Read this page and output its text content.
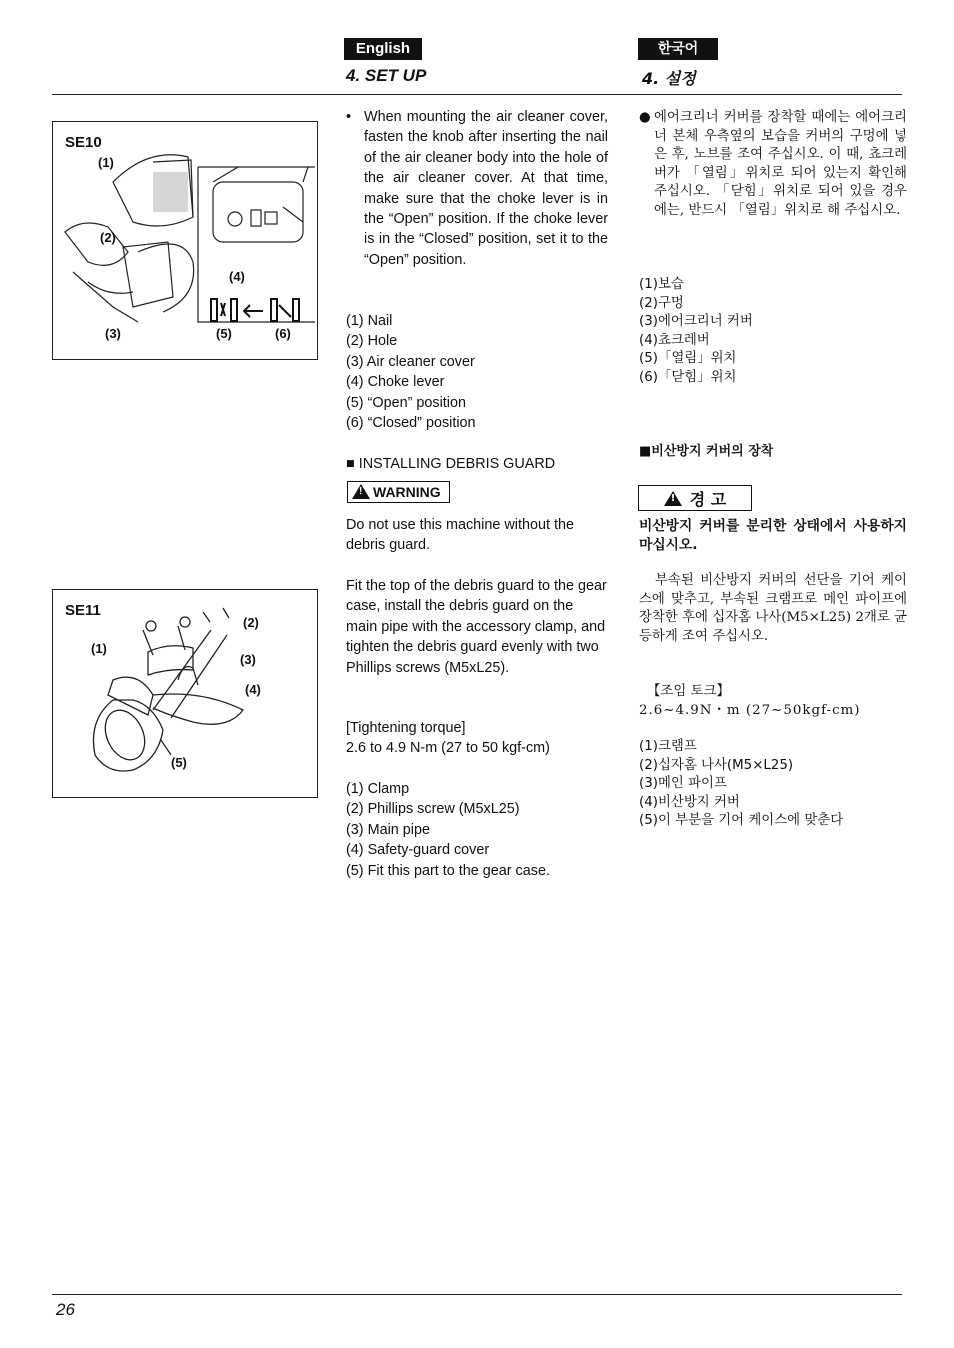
English	한국어
4. SET UP	4. 설정
SE10
(1)
(2)
(3)
(4)
(5)	(6)
SE11
(1)
(2)
(3)
(4)
(5)
• When mounting the air cleaner cover, fasten the knob after inserting the nail of the air cleaner body into the hole of the air cleaner cover. At that time, make sure that the choke lever is in the “Open” position. If the choke lever is in the “Closed” position, set it to the “Open” position.
(1) Nail
(2) Hole
(3) Air cleaner cover
(4) Choke lever
(5) “Open” position
(6) “Closed” position
■ INSTALLING DEBRIS GUARD
!WARNING
Do not use this machine without the debris guard.
Fit the top of the debris guard to the gear case, install the debris guard on the main pipe with the accessory clamp, and tighten the debris guard evenly with two Phillips screws (M5xL25).
[Tightening torque]
2.6 to 4.9 N-m (27 to 50 kgf-cm)
(1) Clamp
(2) Phillips screw (M5xL25)
(3) Main pipe
(4) Safety-guard cover
(5) Fit this part to the gear case.
● 에어크리너 커버를 장착할 때에는 에어크리너 본체 우측옆의 보습을 커버의 구멍에 넣은 후, 노브를 조여 주십시오. 이 때, 쵸크레버가 「열림」위치로 되어 있는지 확인해 주십시오. 「닫힘」위치로 되어 있을 경우에는, 반드시 「열림」위치로 해 주십시오.
(1)보습
(2)구멍
(3)에어크리너 커버
(4)쵸크레버
(5)「열림」위치
(6)「닫힘」위치
■비산방지 커버의 장착
!
경 고
비산방지 커버를 분리한 상태에서 사용하지 마십시오.
부속된 비산방지 커버의 선단을 기어 케이스에 맞추고, 부속된 크램프로 메인 파이프에 장착한 후에 십자홈 나사(M5×L25) 2개로 균등하게 조여 주십시오.
【조임 토크】
2.6~4.9N・m (27~50kgf-cm)
(1)크램프
(2)십자홈 나사(M5×L25)
(3)메인 파이프
(4)비산방지 커버
(5)이 부분을 기어 케이스에 맞춘다
26
